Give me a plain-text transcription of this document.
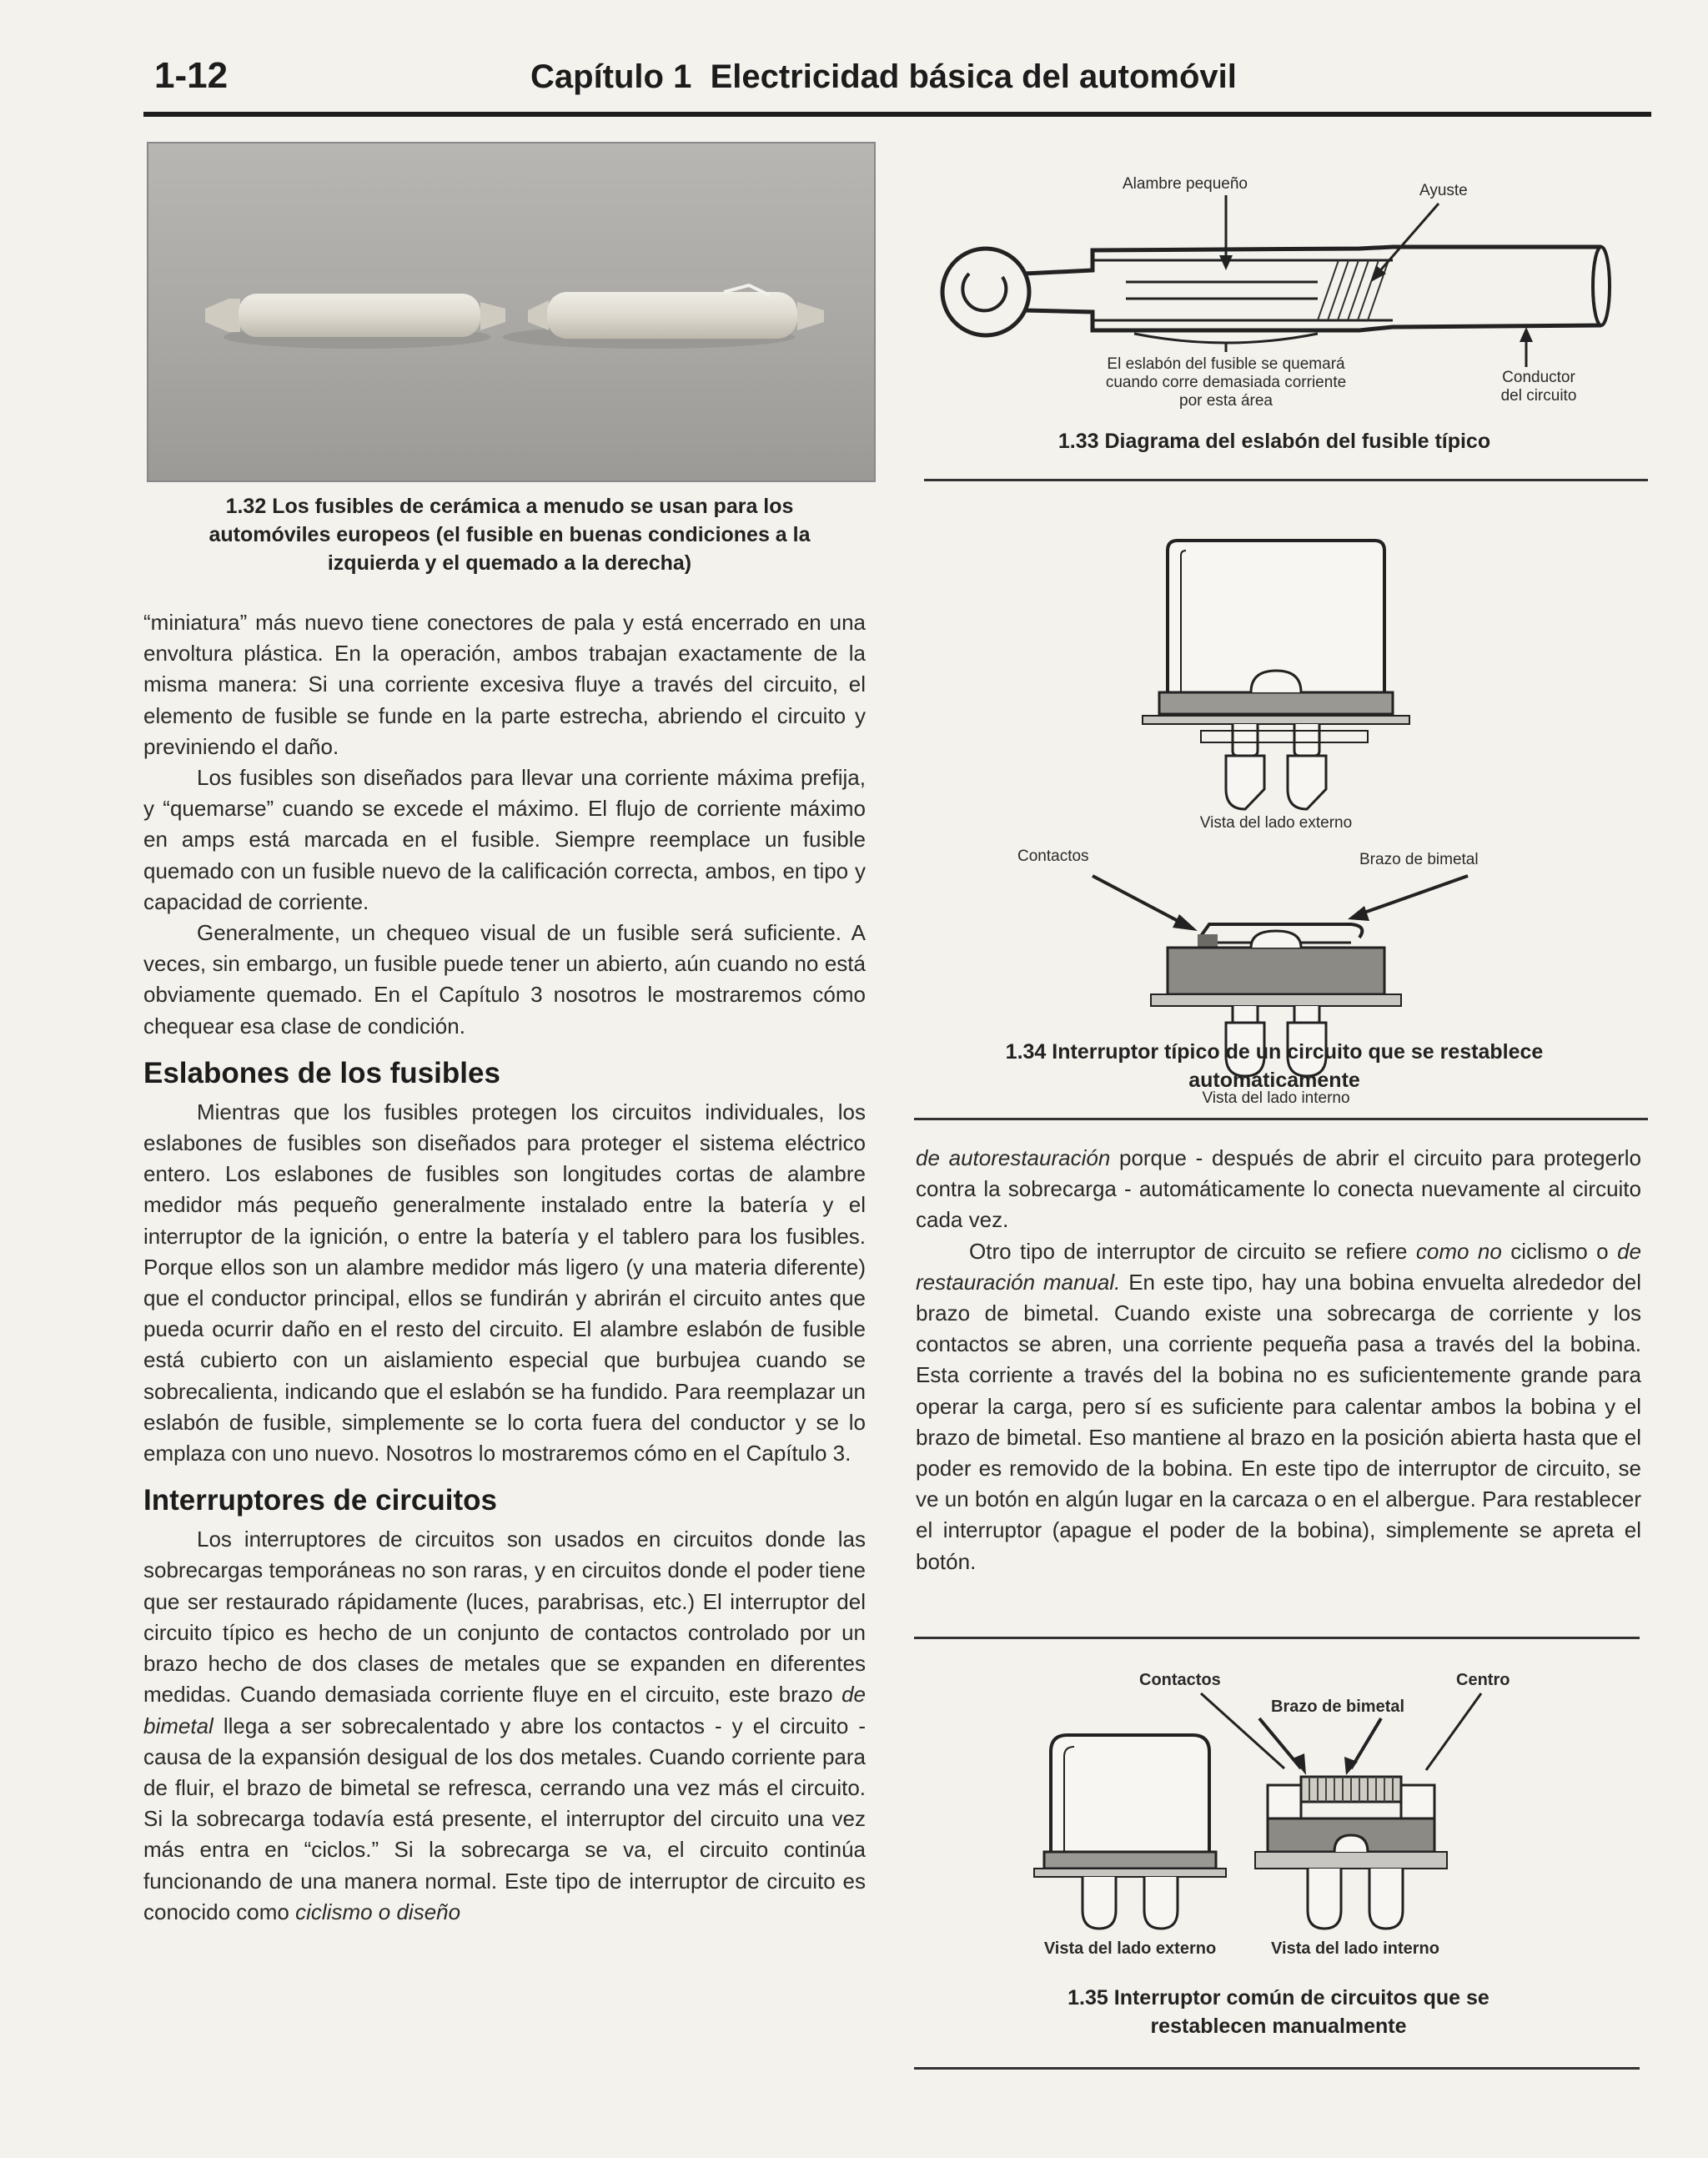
1-12	Capítulo 1 Electricidad básica del automóvil
1.32 Los fusibles de cerámica a menudo se usan para los
automóviles europeos (el fusible en buenas condiciones a la
izquierda y el quemado a la derecha)

“miniatura” más nuevo tiene conectores de pala y está encerrado en una envoltura plástica. En la operación, ambos trabajan exactamente de la misma manera: Si una corriente excesiva fluye a través del circuito, el elemento de fusible se funde en la parte estrecha, abriendo el circuito y previniendo el daño.

Los fusibles son diseñados para llevar una corriente máxima prefija, y “quemarse” cuando se excede el máximo. El flujo de corriente máximo en amps está marcada en el fusible. Siempre reemplace un fusible quemado con un fusible nuevo de la calificación correcta, ambos, en tipo y capacidad de corriente.

Generalmente, un chequeo visual de un fusible será suficiente. A veces, sin embargo, un fusible puede tener un abierto, aún cuando no está obviamente quemado. En el Capítulo 3 nosotros le mostraremos cómo chequear esa clase de condición.

Eslabones de los fusibles

Mientras que los fusibles protegen los circuitos individuales, los eslabones de fusibles son diseñados para proteger el sistema eléctrico entero. Los eslabones de fusibles son longitudes cortas de alambre medidor más pequeño generalmente instalado entre la batería y el interruptor de la ignición, o entre la batería y el tablero para los fusibles. Porque ellos son un alambre medidor más ligero (y una materia diferente) que el conductor principal, ellos se fundirán y abrirán el circuito antes que pueda ocurrir daño en el resto del circuito. El alambre eslabón de fusible está cubierto con un aislamiento especial que burbujea cuando se sobrecalienta, indicando que el eslabón se ha fundido. Para reemplazar un eslabón de fusible, simplemente se lo corta fuera del conductor y se lo emplaza con uno nuevo. Nosotros lo mostraremos cómo en el Capítulo 3.

Interruptores de circuitos

Los interruptores de circuitos son usados en circuitos donde las sobrecargas temporáneas no son raras, y en circuitos donde el poder tiene que ser restaurado rápidamente (luces, parabrisas, etc.) El interruptor del circuito típico es hecho de un conjunto de contactos controlado por un brazo hecho de dos clases de metales que se expanden en diferentes medidas. Cuando demasiada corriente fluye en el circuito, este brazo de bimetal llega a ser sobrecalentado y abre los contactos - y el circuito - causa de la expansión desigual de los dos metales. Cuando corriente para de fluir, el brazo de bimetal se refresca, cerrando una vez más el circuito. Si la sobrecarga todavía está presente, el interruptor del circuito una vez más entra en “ciclos.” Si la sobrecarga se va, el circuito continúa funcionando de una manera normal. Este tipo de interruptor de circuito es conocido como ciclismo o diseño

Alambre pequeño	Ayuste
El eslabón del fusible se quemará
cuando corre demasiada corriente
por esta área
Conductor
del circuito
1.33 Diagrama del eslabón del fusible típico
Vista del lado externo
Contactos	Brazo de bimetal
Vista del lado interno
1.34 Interruptor típico de un circuito que se restablece
automáticamente

de autorestauración porque - después de abrir el circuito para protegerlo contra la sobrecarga - automáticamente lo conecta nuevamente al circuito cada vez.

Otro tipo de interruptor de circuito se refiere como no ciclismo o de restauración manual. En este tipo, hay una bobina envuelta alrededor del brazo de bimetal. Cuando existe una sobrecarga de corriente y los contactos se abren, una corriente pequeña pasa a través del la bobina. Esta corriente a través del la bobina no es suficientemente grande para operar la carga, pero sí es suficiente para calentar ambos la bobina y el brazo de bimetal. Eso mantiene al brazo en la posición abierta hasta que el poder es removido de la bobina. En este tipo de interruptor de circuito, se ve un botón en algún lugar en la carcaza o en el albergue. Para restablecer el interruptor (apague el poder de la bobina), simplemente se apreta el botón.

Contactos	Centro
Brazo de bimetal
Vista del lado externo	Vista del lado interno
1.35 Interruptor común de circuitos que se
restablecen manualmente
